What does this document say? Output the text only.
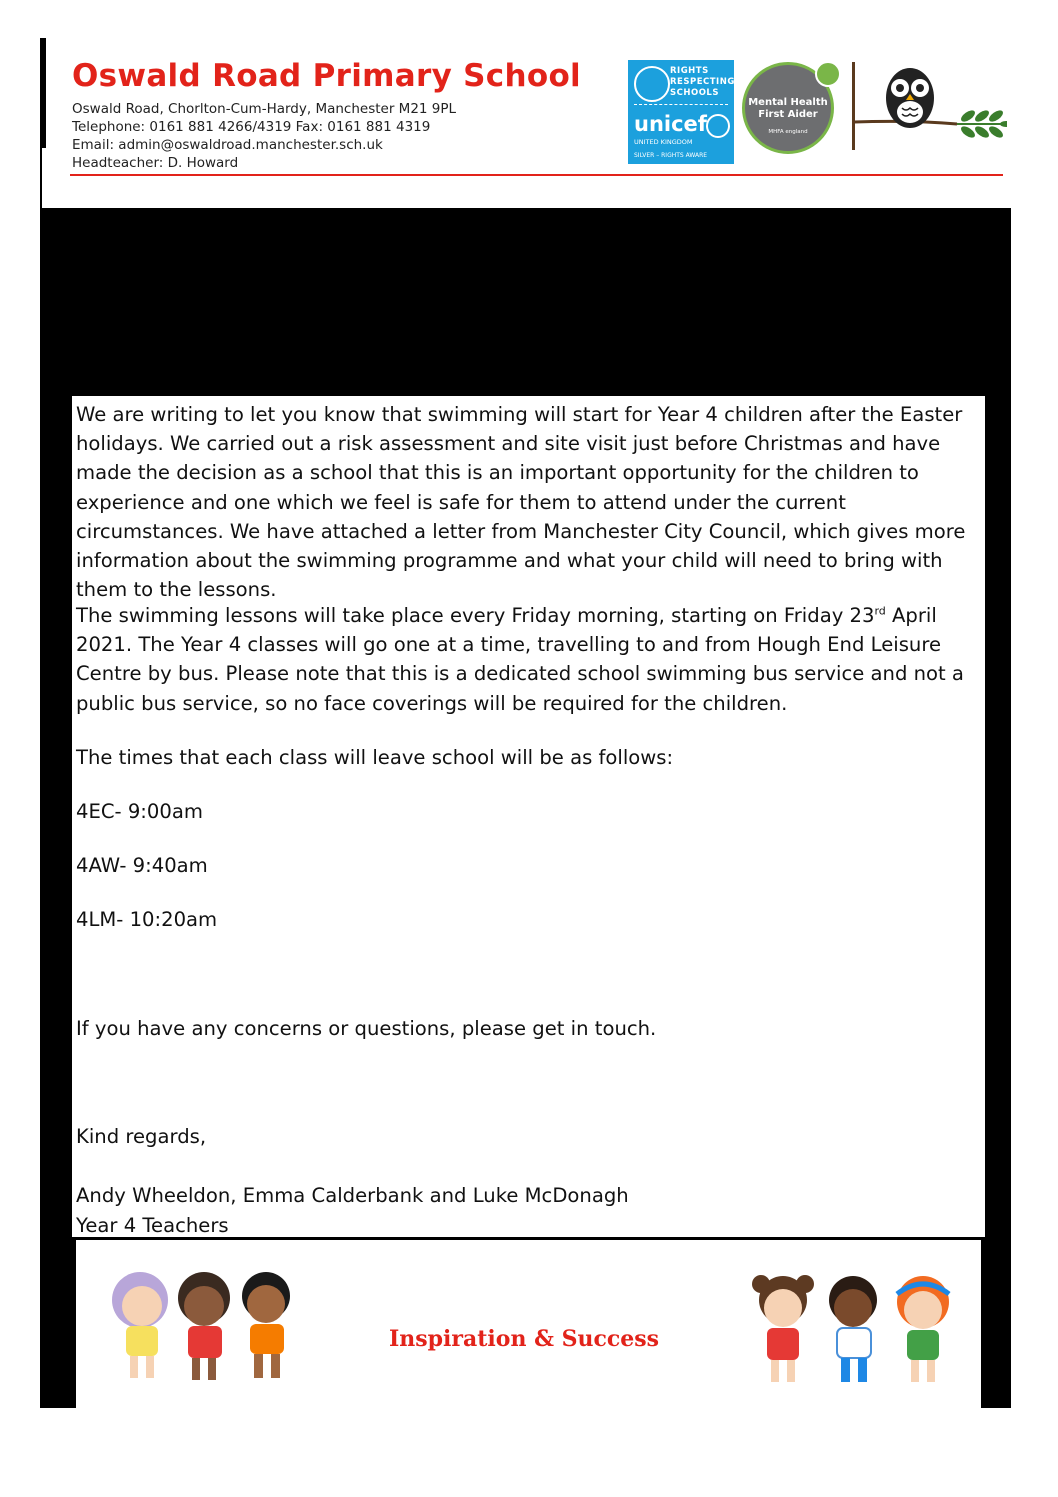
Oswald Road Primary School
Oswald Road, Chorlton-Cum-Hardy, Manchester M21 9PL
Telephone: 0161 881 4266/4319 Fax: 0161 881 4319
Email: admin@oswaldroad.manchester.sch.uk
Headteacher: D. Howard
RIGHTS
RESPECTING
SCHOOLS
unicef
UNITED KINGDOM
SILVER – RIGHTS AWARE
Mental Health
First Aider
MHFA england

We are writing to let you know that swimming will start for Year 4 children after the Easter holidays. We carried out a risk assessment and site visit just before Christmas and have made the decision as a school that this is an important opportunity for the children to experience and one which we feel is safe for them to attend under the current circumstances. We have attached a letter from Manchester City Council, which gives more information about the swimming programme and what your child will need to bring with them to the lessons.

The swimming lessons will take place every Friday morning, starting on Friday 23rd April 2021. The Year 4 classes will go one at a time, travelling to and from Hough End Leisure Centre by bus. Please note that this is a dedicated school swimming bus service and not a public bus service, so no face coverings will be required for the children.

The times that each class will leave school will be as follows:

4EC- 9:00am

4AW- 9:40am

4LM- 10:20am

If you have any concerns or questions, please get in touch.

Kind regards,

Andy Wheeldon, Emma Calderbank and Luke McDonagh

Year 4 Teachers

Inspiration & Success
